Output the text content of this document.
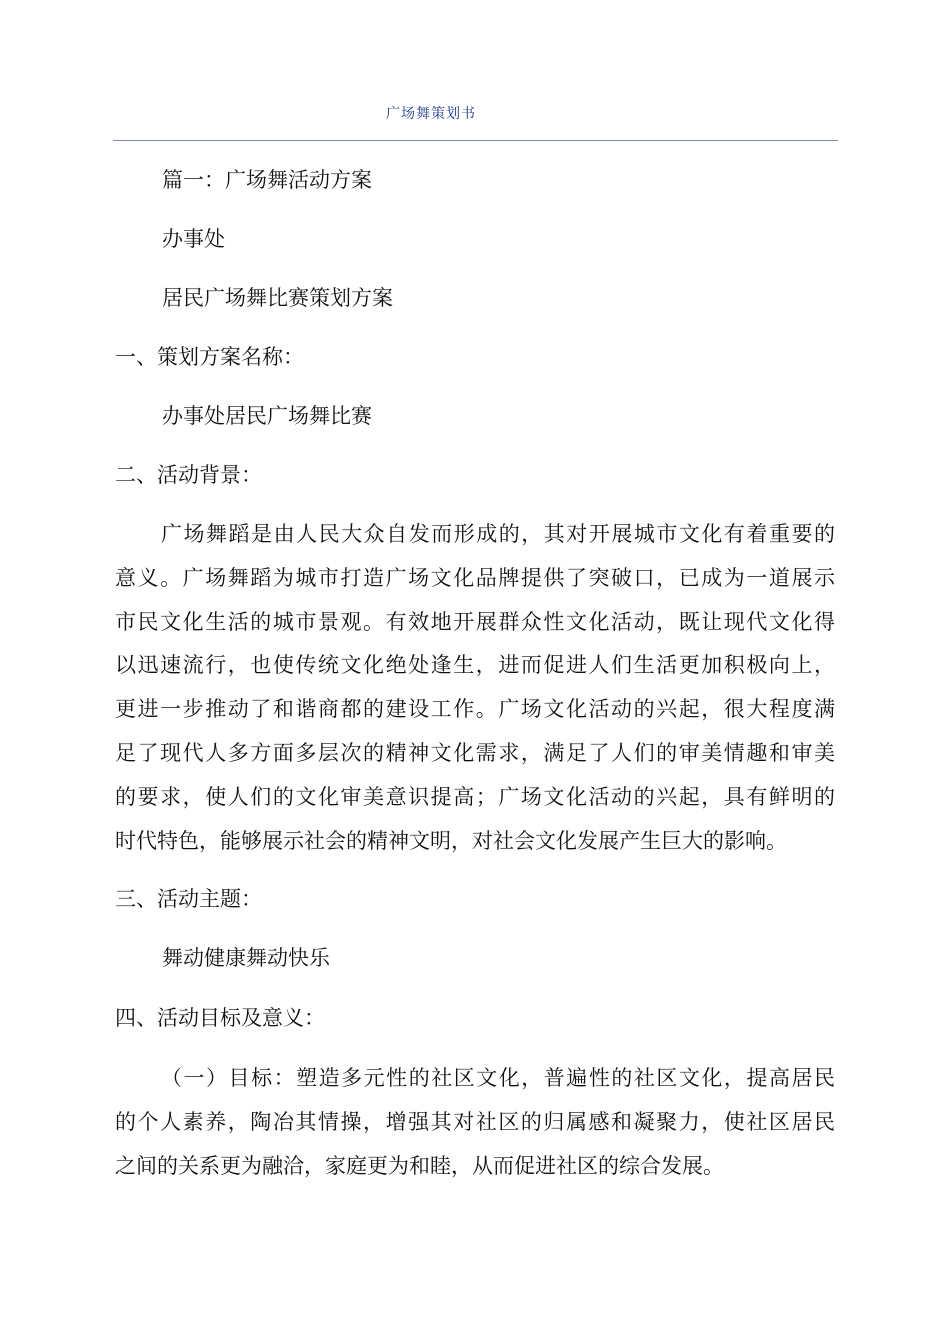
广场舞策划书
篇一：广场舞活动方案
办事处
居民广场舞比赛策划方案
一、策划方案名称：
办事处居民广场舞比赛
二、活动背景：
广场舞蹈是由人民大众自发而形成的，其对开展城市文化有着重要的
意义。广场舞蹈为城市打造广场文化品牌提供了突破口，已成为一道展示
市民文化生活的城市景观。有效地开展群众性文化活动，既让现代文化得
以迅速流行，也使传统文化绝处逢生，进而促进人们生活更加积极向上，
更进一步推动了和谐商都的建设工作。广场文化活动的兴起，很大程度满
足了现代人多方面多层次的精神文化需求，满足了人们的审美情趣和审美
的要求，使人们的文化审美意识提高；广场文化活动的兴起，具有鲜明的
时代特色，能够展示社会的精神文明，对社会文化发展产生巨大的影响。
三、活动主题：
舞动健康舞动快乐
四、活动目标及意义：
（一）目标：塑造多元性的社区文化，普遍性的社区文化，提高居民
的个人素养，陶冶其情操，增强其对社区的归属感和凝聚力，使社区居民
之间的关系更为融洽，家庭更为和睦，从而促进社区的综合发展。
